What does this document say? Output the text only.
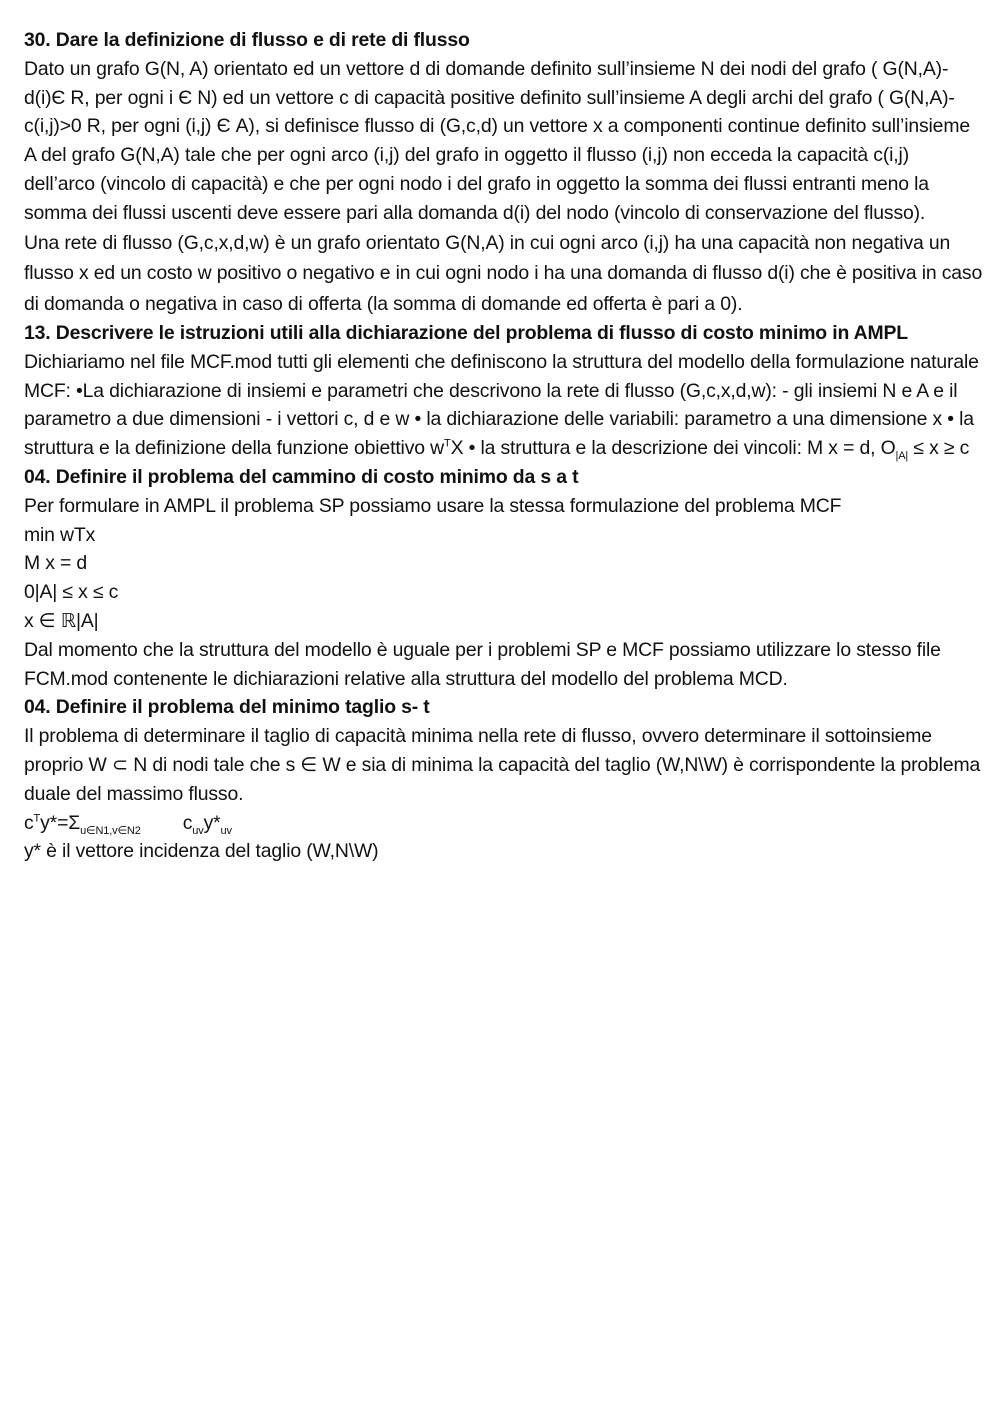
30. Dare la definizione di flusso e di rete di flusso

Dato un grafo G(N, A) orientato ed un vettore d di domande definito sull’insieme N dei nodi del grafo ( G(N,A)-d(i)Є R, per ogni i Є N) ed un vettore c di capacità positive definito sull’insieme A degli archi del grafo ( G(N,A)-c(i,j)>0 R, per ogni (i,j) Є A), si definisce flusso di (G,c,d) un vettore x a componenti continue definito sull’insieme A del grafo G(N,A) tale che per ogni arco (i,j) del grafo in oggetto il flusso (i,j) non ecceda la capacità c(i,j) dell’arco (vincolo di capacità) e che per ogni nodo i del grafo in oggetto la somma dei flussi entranti meno la somma dei flussi uscenti deve essere pari alla domanda d(i) del nodo (vincolo di conservazione del flusso).

Una rete di flusso (G,c,x,d,w) è un grafo orientato G(N,A) in cui ogni arco (i,j) ha una capacità non negativa un flusso x ed un costo w positivo o negativo e in cui ogni nodo i ha una domanda di flusso d(i) che è positiva in caso di domanda o negativa in caso di offerta (la somma di domande ed offerta è pari a 0).

13. Descrivere le istruzioni utili alla dichiarazione del problema di flusso di costo minimo in AMPL

Dichiariamo nel file MCF.mod tutti gli elementi che definiscono la struttura del modello della formulazione naturale MCF: •La dichiarazione di insiemi e parametri che descrivono la rete di flusso (G,c,x,d,w): - gli insiemi N e A e il parametro a due dimensioni - i vettori c, d e w • la dichiarazione delle variabili: parametro a una dimensione x • la struttura e la definizione della funzione obiettivo $w^TX$ • la struttura e la descrizione dei vincoli: M x = d, $O_{|A|} \le x \ge c$

04. Definire il problema del cammino di costo minimo da s a t

Per formulare in AMPL il problema SP possiamo usare la stessa formulazione del problema MCF

min wTx
M x = d
0|A| ≤ x ≤ c
x ∈ ℝ|A|

Dal momento che la struttura del modello è uguale per i problemi SP e MCF possiamo utilizzare lo stesso file FCM.mod contenente le dichiarazioni relative alla struttura del modello del problema MCD.

04. Definire il problema del minimo taglio s- t

Il problema di determinare il taglio di capacità minima nella rete di flusso, ovvero determinare il sottoinsieme proprio W ⊂ N di nodi tale che s ∈ W e sia di minima la capacità del taglio (W,N\W) è corrispondente la problema duale del massimo flusso.

$c^Ty*=\Sigma_{u\in N1,v\in N2}$ $c_{uv}y*_{uv}$

y* è il vettore incidenza del taglio (W,N\W)
